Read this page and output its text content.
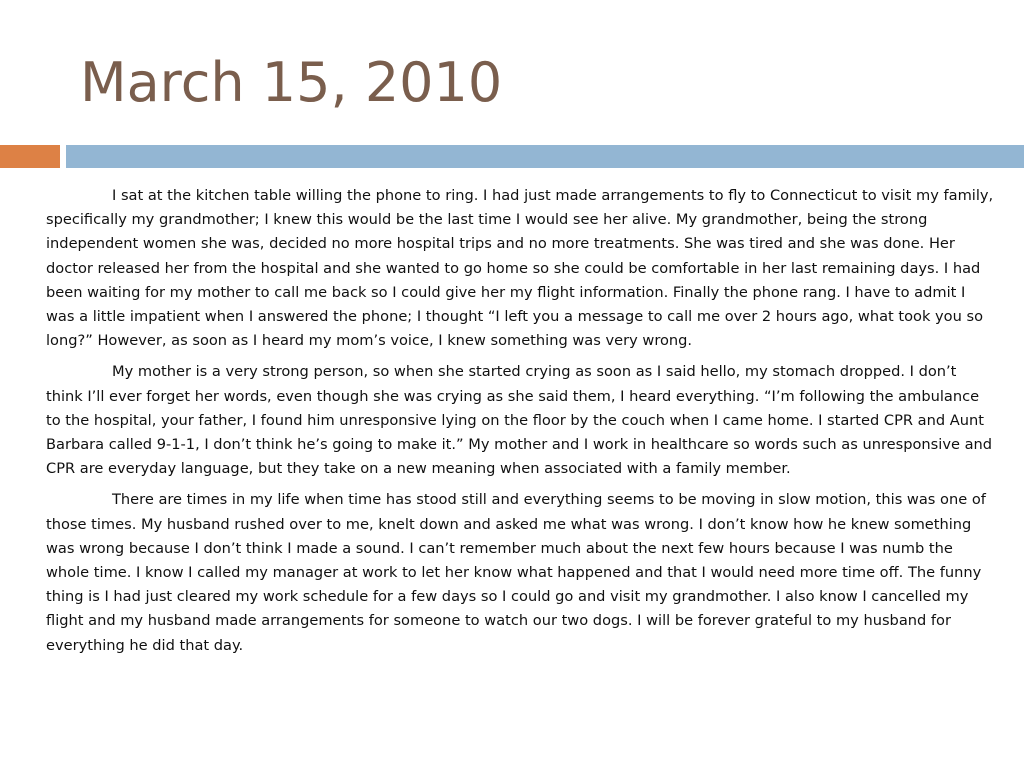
March 15, 2010

I sat at the kitchen table willing the phone to ring. I had just made arrangements to fly to Connecticut to visit my family, specifically my grandmother; I knew this would be the last time I would see her alive. My grandmother, being the strong independent women she was, decided no more hospital trips and no more treatments. She was tired and she was done. Her doctor released her from the hospital and she wanted to go home so she could be comfortable in her last remaining days. I had been waiting for my mother to call me back so I could give her my flight information. Finally the phone rang. I have to admit I was a little impatient when I answered the phone; I thought “I left you a message to call me over 2 hours ago, what took you so long?” However, as soon as I heard my mom’s voice, I knew something was very wrong.

My mother is a very strong person, so when she started crying as soon as I said hello, my stomach dropped. I don’t think I’ll ever forget her words, even though she was crying as she said them, I heard everything. “I’m following the ambulance to the hospital, your father, I found him unresponsive lying on the floor by the couch when I came home. I started CPR and Aunt Barbara called 9-1-1, I don’t think he’s going to make it.” My mother and I work in healthcare so words such as unresponsive and CPR are everyday language, but they take on a new meaning when associated with a family member.

There are times in my life when time has stood still and everything seems to be moving in slow motion, this was one of those times. My husband rushed over to me, knelt down and asked me what was wrong. I don’t know how he knew something was wrong because I don’t think I made a sound. I can’t remember much about the next few hours because I was numb the whole time. I know I called my manager at work to let her know what happened and that I would need more time off. The funny thing is I had just cleared my work schedule for a few days so I could go and visit my grandmother. I also know I cancelled my flight and my husband made arrangements for someone to watch our two dogs. I will be forever grateful to my husband for everything he did that day.
